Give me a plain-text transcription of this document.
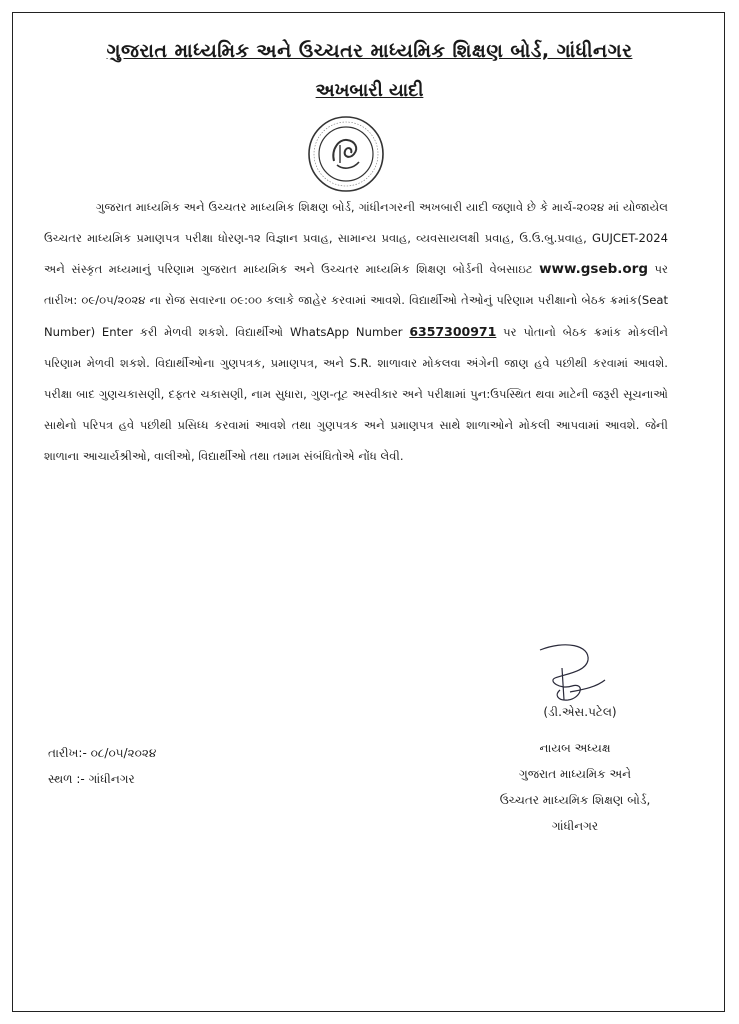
ગુજરાત માધ્યમિક અને ઉચ્ચતર માધ્યમિક શિક્ષણ બોર્ડ, ગાંધીનગર
અખબારી યાદી
ગુજરાત માધ્યમિક અને ઉચ્ચતર માધ્યમિક શિક્ષણ બોર્ડ, ગાંધીનગરની અખબારી યાદી જણાવે છે કે માર્ચ-૨૦૨૪ માં યોજાયેલ ઉચ્ચતર માધ્યમિક પ્રમાણપત્ર પરીક્ષા ધોરણ-૧૨ વિજ્ઞાન પ્રવાહ, સામાન્ય પ્રવાહ, વ્યવસાયલક્ષી પ્રવાહ, ઉ.ઉ.બુ.પ્રવાહ, GUJCET-2024 અને સંસ્કૃત મધ્યમાનું પરિણામ ગુજરાત માધ્યમિક અને ઉચ્ચતર માધ્યમિક શિક્ષણ બોર્ડની વેબસાઇટ www.gseb.org પર તારીખ: ૦૯/૦૫/૨૦૨૪ ના રોજ સવારના ૦૯:૦૦ કલાકે જાહેર કરવામાં આવશે. વિદ્યાર્થીઓ તેઓનું પરિણામ પરીક્ષાનો બેઠક ક્રમાંક(Seat Number) Enter કરી મેળવી શકશે. વિદ્યાર્થીઓ WhatsApp Number 6357300971 પર પોતાનો બેઠક ક્રમાંક મોકલીને પરિણામ મેળવી શકશે. વિદ્યાર્થીઓના ગુણપત્રક, પ્રમાણપત્ર, અને S.R. શાળાવાર મોકલવા અંગેની જાણ હવે પછીથી કરવામાં આવશે. પરીક્ષા બાદ ગુણચકાસણી, દફ્તર ચકાસણી, નામ સુધારા, ગુણ-તૂટ અસ્વીકાર અને પરીક્ષામાં પુન:ઉપસ્થિત થવા માટેની જરૂરી સૂચનાઓ સાથેનો પરિપત્ર હવે પછીથી પ્રસિધ્ધ કરવામાં આવશે તથા ગુણપત્રક અને પ્રમાણપત્ર સાથે શાળાઓને મોકલી આપવામાં આવશે. જેની શાળાના આચાર્યશ્રીઓ, વાલીઓ, વિદ્યાર્થીઓ તથા તમામ સંબંધિતોએ નોંધ લેવી.
(ડી.એસ.પટેલ)
નાયબ અધ્યક્ષ
ગુજરાત માધ્યમિક અને
ઉચ્ચતર માધ્યમિક શિક્ષણ બોર્ડ,
ગાંધીનગર
તારીખ:- ૦૮/૦૫/૨૦૨૪
સ્થળ :- ગાંધીનગર
